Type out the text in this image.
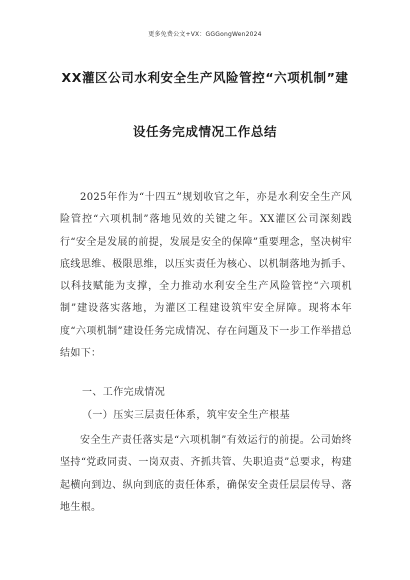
更多免费公文+VX：GGGongWen2024
XX灌区公司水利安全生产风险管控“六项机制”建
设任务完成情况工作总结

2025年作为“十四五”规划收官之年，亦是水利安全生产风险管控“六项机制”落地见效的关键之年。XX灌区公司深刻践行“安全是发展的前提，发展是安全的保障”重要理念，坚决树牢底线思维、极限思维，以压实责任为核心、以机制落地为抓手、以科技赋能为支撑，全力推动水利安全生产风险管控“六项机制”建设落实落地，为灌区工程建设筑牢安全屏障。现将本年度“六项机制”建设任务完成情况、存在问题及下一步工作举措总结如下：

一、工作完成情况
（一）压实三层责任体系，筑牢安全生产根基

安全生产责任落实是“六项机制”有效运行的前提。公司始终坚持“党政同责、一岗双责、齐抓共管、失职追责”总要求，构建起横向到边、纵向到底的责任体系，确保安全责任层层传导、落地生根。
